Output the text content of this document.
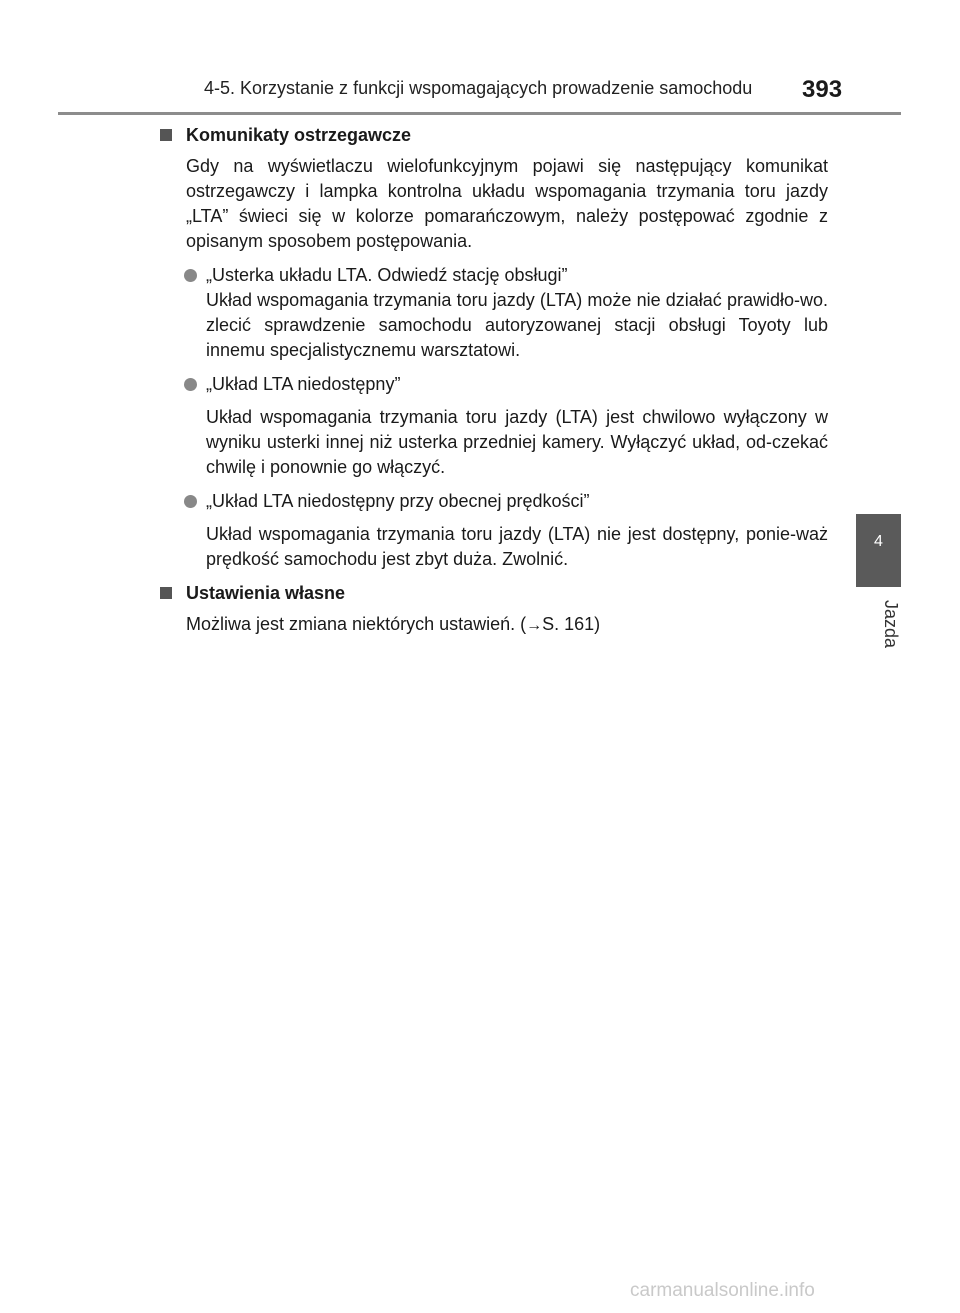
4-5. Korzystanie z funkcji wspomagających prowadzenie samochodu 393
4
Jazda
Komunikaty ostrzegawcze

Gdy na wyświetlaczu wielofunkcyjnym pojawi się następujący komunikat ostrzegawczy i lampka kontrolna układu wspomagania trzymania toru jazdy „LTA” świeci się w kolorze pomarańczowym, należy postępować zgodnie z opisanym sposobem postępowania.

„Usterka układu LTA. Odwiedź stację obsługi”
Układ wspomagania trzymania toru jazdy (LTA) może nie działać prawidło-wo. zlecić sprawdzenie samochodu autoryzowanej stacji obsługi Toyoty lub innemu specjalistycznemu warsztatowi.
„Układ LTA niedostępny”
Układ wspomagania trzymania toru jazdy (LTA) jest chwilowo wyłączony w wyniku usterki innej niż usterka przedniej kamery. Wyłączyć układ, od-czekać chwilę i ponownie go włączyć.
„Układ LTA niedostępny przy obecnej prędkości”
Układ wspomagania trzymania toru jazdy (LTA) nie jest dostępny, ponie-waż prędkość samochodu jest zbyt duża. Zwolnić.
Ustawienia własne

Możliwa jest zmiana niektórych ustawień. (→S. 161)

carmanualsonline.info
